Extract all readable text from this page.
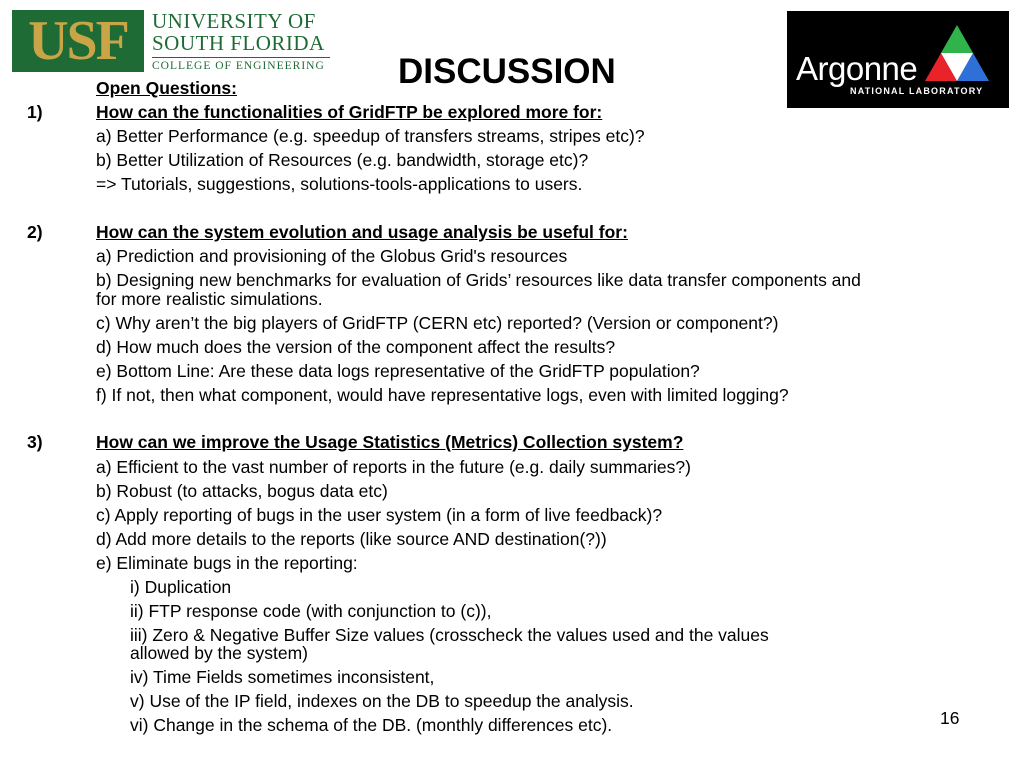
USF	UNIVERSITY OF
SOUTH FLORIDA
COLLEGE OF ENGINEERING	Argonne
NATIONAL LABORATORY
DISCUSSION
Open Questions:
1)	How can the functionalities of GridFTP be explored more for:
a) Better Performance (e.g. speedup of transfers streams, stripes etc)?
b) Better Utilization of Resources (e.g. bandwidth, storage etc)?
=> Tutorials, suggestions, solutions-tools-applications to users.
2)	How can the system evolution and usage analysis be useful for:
a) Prediction and provisioning of the Globus Grid's resources
b) Designing new benchmarks for evaluation of Grids’ resources like data transfer components and
for more realistic simulations.
c) Why aren’t the big players of GridFTP (CERN etc) reported? (Version or component?)
d) How much does the version of the component affect the results?
e) Bottom Line: Are these data logs representative of the GridFTP population?
f) If not, then what component, would have representative logs, even with limited logging?
3)	How can we improve the Usage Statistics (Metrics) Collection system?
a) Efficient to the vast number of reports in the future (e.g. daily summaries?)
b) Robust (to attacks, bogus data etc)
c) Apply reporting of bugs in the user system (in a form of live feedback)?
d) Add more details to the reports (like source AND destination(?))
e) Eliminate bugs in the reporting:
i) Duplication
ii) FTP response code (with conjunction to (c)),
iii) Zero & Negative Buffer Size values (crosscheck the values used and the values
allowed by the system)
iv) Time Fields sometimes inconsistent,
v) Use of the IP field, indexes on the DB to speedup the analysis.
vi) Change in the schema of the DB. (monthly differences etc).	16
